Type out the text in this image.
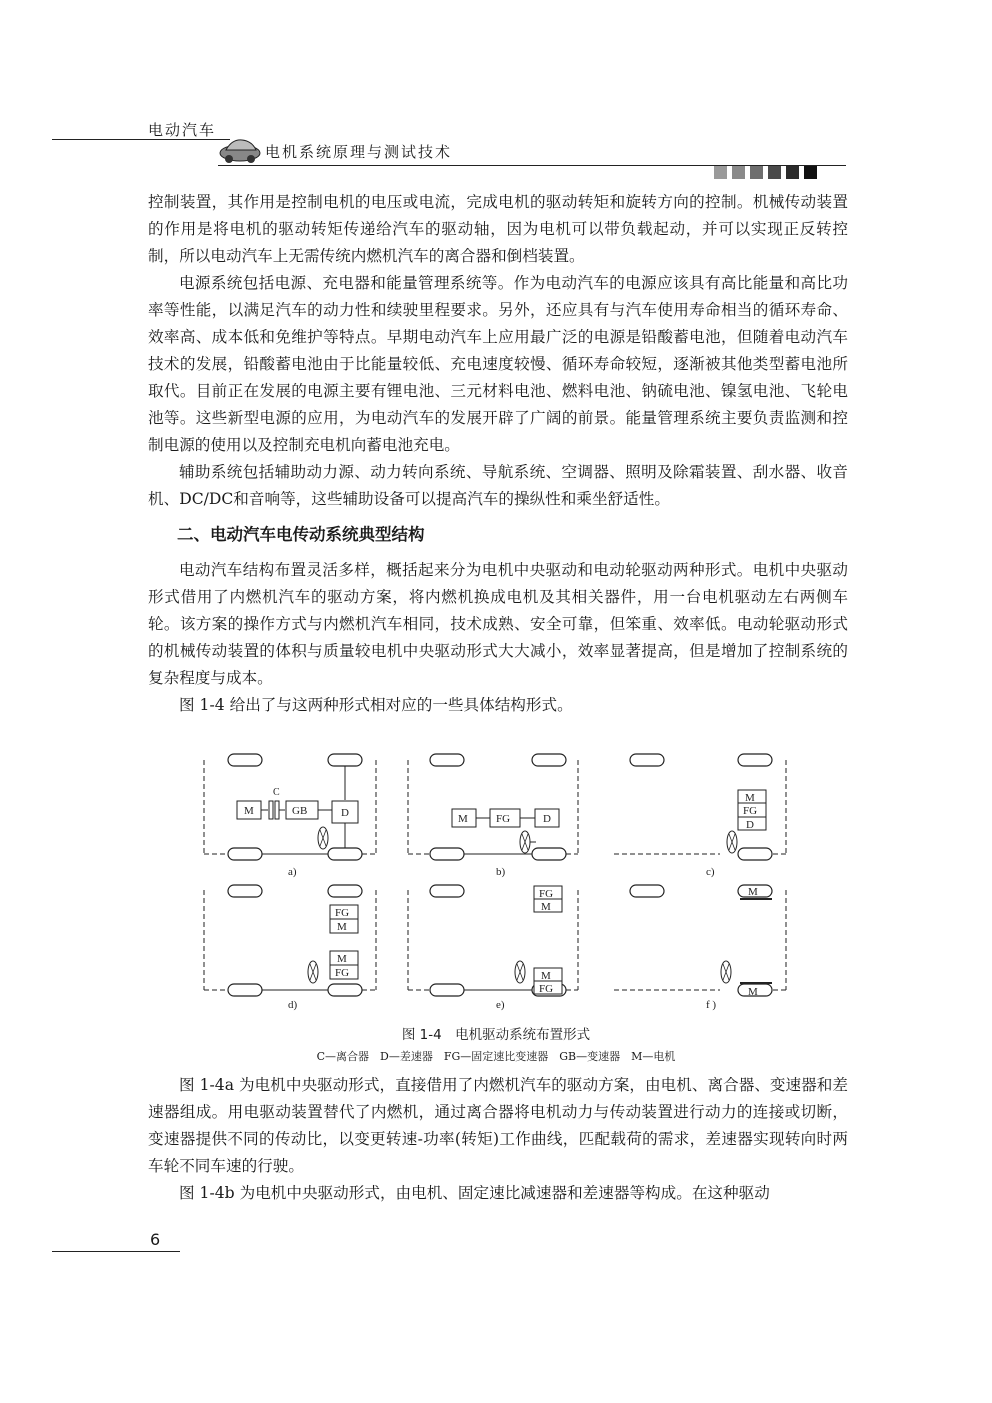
电动汽车
电机系统原理与测试技术

控制装置，其作用是控制电机的电压或电流，完成电机的驱动转矩和旋转方向的控制。机械传动装置的作用是将电机的驱动转矩传递给汽车的驱动轴，因为电机可以带负载起动，并可以实现正反转控制，所以电动汽车上无需传统内燃机汽车的离合器和倒档装置。

电源系统包括电源、充电器和能量管理系统等。作为电动汽车的电源应该具有高比能量和高比功率等性能，以满足汽车的动力性和续驶里程要求。另外，还应具有与汽车使用寿命相当的循环寿命、效率高、成本低和免维护等特点。早期电动汽车上应用最广泛的电源是铅酸蓄电池，但随着电动汽车技术的发展，铅酸蓄电池由于比能量较低、充电速度较慢、循环寿命较短，逐渐被其他类型蓄电池所取代。目前正在发展的电源主要有锂电池、三元材料电池、燃料电池、钠硫电池、镍氢电池、飞轮电池等。这些新型电源的应用，为电动汽车的发展开辟了广阔的前景。能量管理系统主要负责监测和控制电源的使用以及控制充电机向蓄电池充电。

辅助系统包括辅助动力源、动力转向系统、导航系统、空调器、照明及除霜装置、刮水器、收音机、DC/DC和音响等，这些辅助设备可以提高汽车的操纵性和乘坐舒适性。

二、电动汽车电传动系统典型结构

电动汽车结构布置灵活多样，概括起来分为电机中央驱动和电动轮驱动两种形式。电机中央驱动形式借用了内燃机汽车的驱动方案，将内燃机换成电机及其相关器件，用一台电机驱动左右两侧车轮。该方案的操作方式与内燃机汽车相同，技术成熟、安全可靠，但笨重、效率低。电动轮驱动形式的机械传动装置的体积与质量较电机中央驱动形式大大减小，效率显著提高，但是增加了控制系统的复杂程度与成本。

图 1-4 给出了与这两种形式相对应的一些具体结构形式。

M
C
GB	D
a)
M	FG	D
b)
M
FG
D
c)
FG
M
M
FG
d)
FG
M
M
FG
e)
M
M
f )
图 1-4　电机驱动系统布置形式
C—离合器　D—差速器　FG—固定速比变速器　GB—变速器　M—电机

图 1-4a 为电机中央驱动形式，直接借用了内燃机汽车的驱动方案，由电机、离合器、变速器和差速器组成。用电驱动装置替代了内燃机，通过离合器将电机动力与传动装置进行动力的连接或切断，变速器提供不同的传动比，以变更转速-功率(转矩)工作曲线，匹配载荷的需求，差速器实现转向时两车轮不同车速的行驶。

图 1-4b 为电机中央驱动形式，由电机、固定速比减速器和差速器等构成。在这种驱动

6
